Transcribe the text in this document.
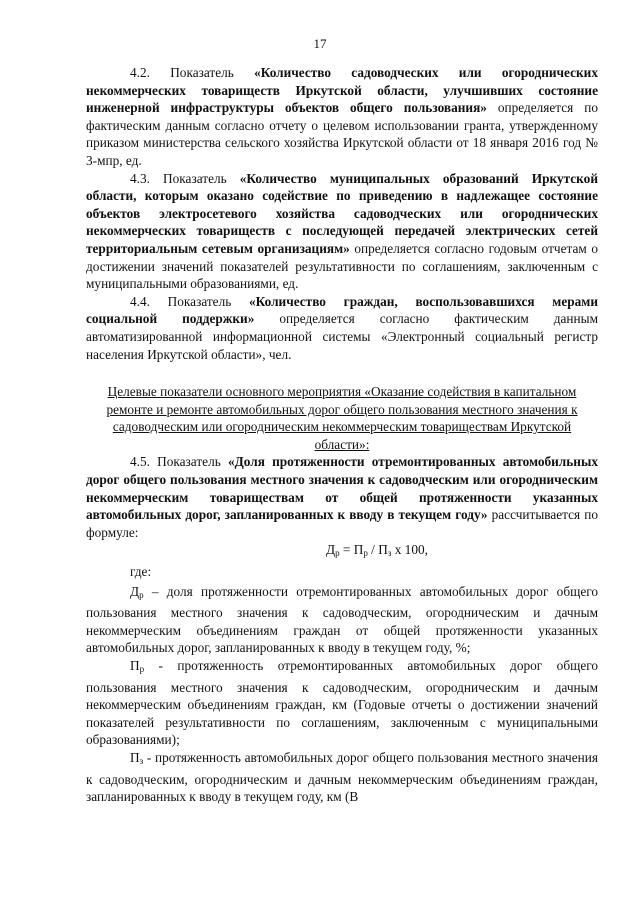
17

4.2. Показатель «Количество садоводческих или огороднических некоммерческих товариществ Иркутской области, улучшивших состояние инженерной инфраструктуры объектов общего пользования» определяется по фактическим данным согласно отчету о целевом использовании гранта, утвержденному приказом министерства сельского хозяйства Иркутской области от 18 января 2016 год № 3-мпр, ед.

4.3. Показатель «Количество муниципальных образований Иркутской области, которым оказано содействие по приведению в надлежащее состояние объектов электросетевого хозяйства садоводческих или огороднических некоммерческих товариществ с последующей передачей электрических сетей территориальным сетевым организациям» определяется согласно годовым отчетам о достижении значений показателей результативности по соглашениям, заключенным с муниципальными образованиями, ед.

4.4. Показатель «Количество граждан, воспользовавшихся мерами социальной поддержки» определяется согласно фактическим данным автоматизированной информационной системы «Электронный социальный регистр населения Иркутской области», чел.

Целевые показатели основного мероприятия «Оказание содействия в капитальном ремонте и ремонте автомобильных дорог общего пользования местного значения к садоводческим или огородническим некоммерческим товариществам Иркутской области»:

4.5. Показатель «Доля протяженности отремонтированных автомобильных дорог общего пользования местного значения к садоводческим или огородническим некоммерческим товариществам от общей протяженности указанных автомобильных дорог, запланированных к вводу в текущем году» рассчитывается по формуле:

$Д_р = П_р / П_з$ х 100,

где:

$Д_р$ – доля протяженности отремонтированных автомобильных дорог общего пользования местного значения к садоводческим, огородническим и дачным некоммерческим объединениям граждан от общей протяженности указанных автомобильных дорог, запланированных к вводу в текущем году, %;

$П_р$ - протяженность отремонтированных автомобильных дорог общего пользования местного значения к садоводческим, огородническим и дачным некоммерческим объединениям граждан, км (Годовые отчеты о достижении значений показателей результативности по соглашениям, заключенным с муниципальными образованиями);

$П_з$ - протяженность автомобильных дорог общего пользования местного значения к садоводческим, огородническим и дачным некоммерческим объединениям граждан, запланированных к вводу в текущем году, км (В
